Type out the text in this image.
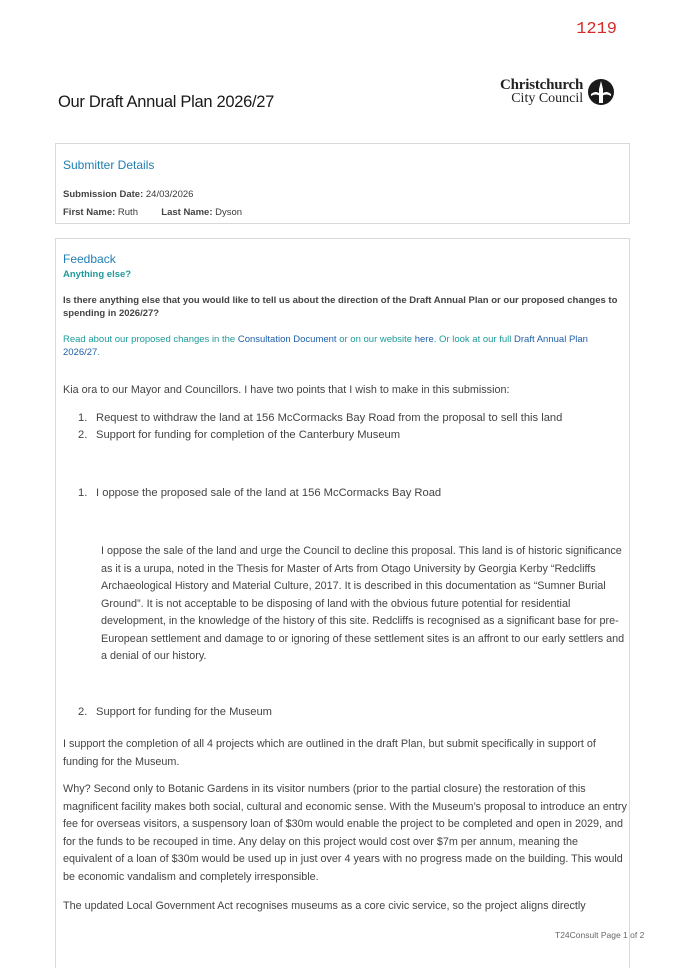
1219
Christchurch
City Council
Our Draft Annual Plan 2026/27
Submitter Details
Submission Date: 24/03/2026
First Name: Ruth Last Name: Dyson
Feedback
Anything else?
Is there anything else that you would like to tell us about the direction of the Draft Annual Plan or our proposed changes to spending in 2026/27?
Read about our proposed changes in the Consultation Document or on our website here. Or look at our full Draft Annual Plan 2026/27.
Kia ora to our Mayor and Councillors. I have two points that I wish to make in this submission:
1. Request to withdraw the land at 156 McCormacks Bay Road from the proposal to sell this land
2. Support for funding for completion of the Canterbury Museum
1. I oppose the proposed sale of the land at 156 McCormacks Bay Road
I oppose the sale of the land and urge the Council to decline this proposal. This land is of historic significance as it is a urupa, noted in the Thesis for Master of Arts from Otago University by Georgia Kerby “Redcliffs Archaeological History and Material Culture, 2017. It is described in this documentation as “Sumner Burial Ground”. It is not acceptable to be disposing of land with the obvious future potential for residential development, in the knowledge of the history of this site. Redcliffs is recognised as a significant base for pre-European settlement and damage to or ignoring of these settlement sites is an affront to our early settlers and a denial of our history.
2. Support for funding for the Museum
I support the completion of all 4 projects which are outlined in the draft Plan, but submit specifically in support of funding for the Museum.
Why? Second only to Botanic Gardens in its visitor numbers (prior to the partial closure) the restoration of this magnificent facility makes both social, cultural and economic sense. With the Museum’s proposal to introduce an entry fee for overseas visitors, a suspensory loan of $30m would enable the project to be completed and open in 2029, and for the funds to be recouped in time. Any delay on this project would cost over $7m per annum, meaning the equivalent of a loan of $30m would be used up in just over 4 years with no progress made on the building. This would be economic vandalism and completely irresponsible.
The updated Local Government Act recognises museums as a core civic service, so the project aligns directly
T24Consult Page 1 of 2
